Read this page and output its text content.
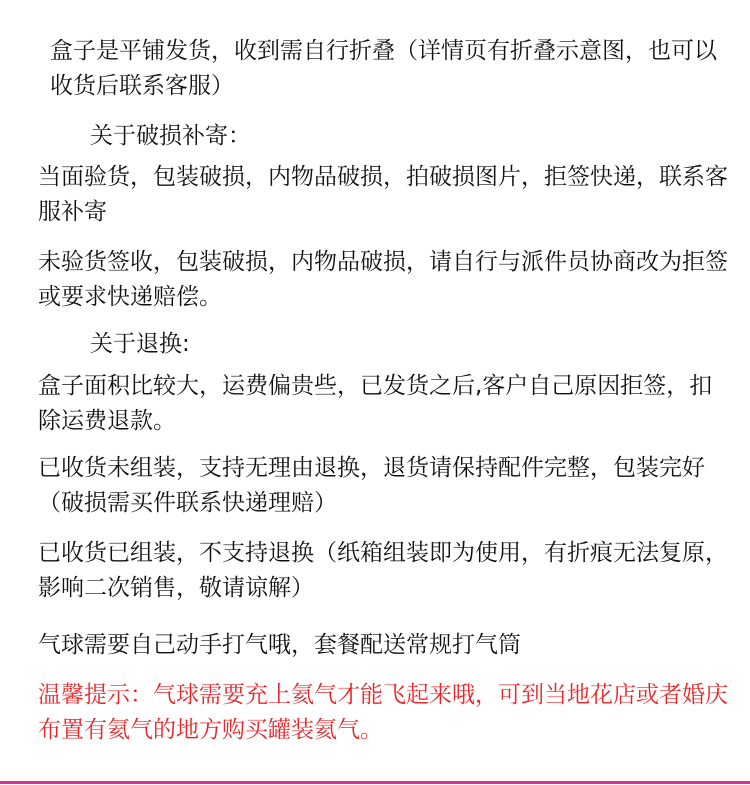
盒子是平铺发货，收到需自行折叠（详情页有折叠示意图，也可以收货后联系客服）

关于破损补寄：

当面验货，包装破损，内物品破损，拍破损图片，拒签快递，联系客服补寄

未验货签收，包装破损，内物品破损，请自行与派件员协商改为拒签或要求快递赔偿。

关于退换:

盒子面积比较大，运费偏贵些，已发货之后,客户自己原因拒签，扣除运费退款。

已收货未组装，支持无理由退换，退货请保持配件完整，包装完好（破损需买件联系快递理赔）

已收货已组装，不支持退换（纸箱组装即为使用，有折痕无法复原，影响二次销售，敬请谅解）

气球需要自己动手打气哦，套餐配送常规打气筒

温馨提示：气球需要充上氦气才能飞起来哦，可到当地花店或者婚庆布置有氦气的地方购买罐装氦气。
